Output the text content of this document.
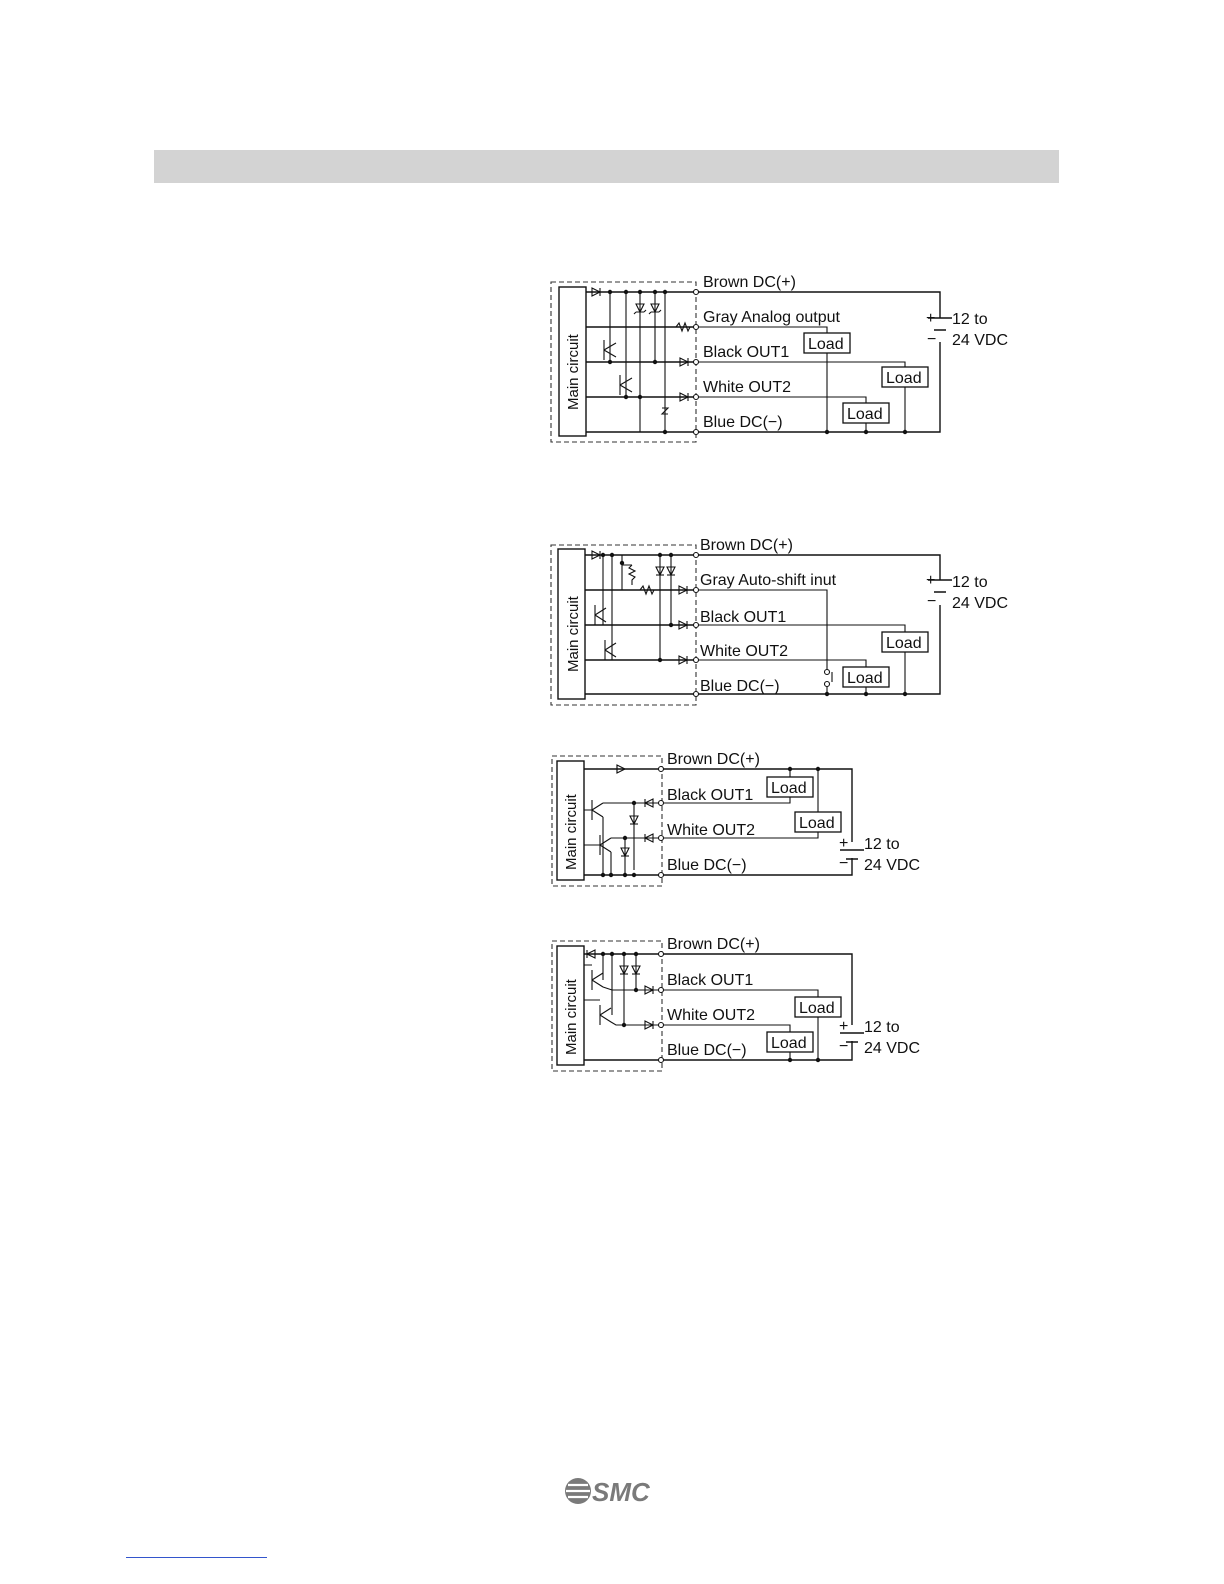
Main circuit
+
−
Brown DC(+)
Gray Analog output
Black OUT1
White OUT2
Blue DC(−)
Load
Load
Load
12 to
24 VDC
Main circuit
+
−
Brown DC(+)
Gray Auto-shift inut
Black OUT1
White OUT2
Blue DC(−)
Load
Load
12 to
24 VDC
Main circuit	+
−
Brown DC(+)
Black OUT1
White OUT2
Blue DC(−)
Load
Load
12 to
24 VDC
Main circuit	+
−
Brown DC(+)
Black OUT1
White OUT2
Blue DC(−)
Load
Load
12 to
24 VDC
SMC
